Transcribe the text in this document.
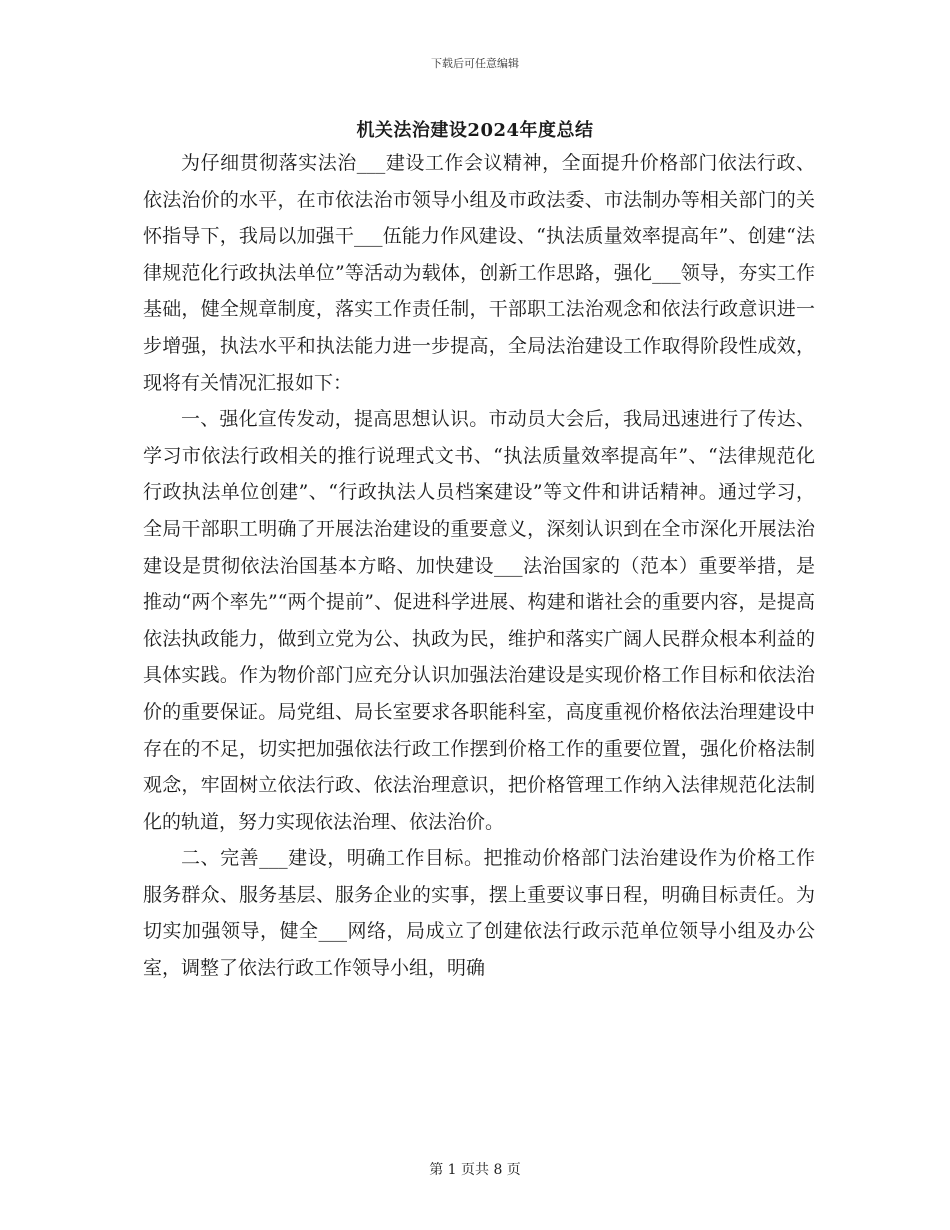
下载后可任意编辑
机关法治建设2024年度总结

为仔细贯彻落实法治___建设工作会议精神，全面提升价格部门依法行政、依法治价的水平，在市依法治市领导小组及市政法委、市法制办等相关部门的关怀指导下，我局以加强干___伍能力作风建设、“执法质量效率提高年”、创建“法律规范化行政执法单位”等活动为载体，创新工作思路，强化___领导，夯实工作基础，健全规章制度，落实工作责任制，干部职工法治观念和依法行政意识进一步增强，执法水平和执法能力进一步提高，全局法治建设工作取得阶段性成效，现将有关情况汇报如下：

一、强化宣传发动，提高思想认识。市动员大会后，我局迅速进行了传达、学习市依法行政相关的推行说理式文书、“执法质量效率提高年”、“法律规范化行政执法单位创建”、“行政执法人员档案建设”等文件和讲话精神。通过学习，全局干部职工明确了开展法治建设的重要意义，深刻认识到在全市深化开展法治建设是贯彻依法治国基本方略、加快建设___法治国家的（范本）重要举措，是推动“两个率先”“两个提前”、促进科学进展、构建和谐社会的重要内容，是提高依法执政能力，做到立党为公、执政为民，维护和落实广阔人民群众根本利益的具体实践。作为物价部门应充分认识加强法治建设是实现价格工作目标和依法治价的重要保证。局党组、局长室要求各职能科室，高度重视价格依法治理建设中存在的不足，切实把加强依法行政工作摆到价格工作的重要位置，强化价格法制观念，牢固树立依法行政、依法治理意识，把价格管理工作纳入法律规范化法制化的轨道，努力实现依法治理、依法治价。

二、完善___建设，明确工作目标。把推动价格部门法治建设作为价格工作服务群众、服务基层、服务企业的实事，摆上重要议事日程，明确目标责任。为切实加强领导，健全___网络，局成立了创建依法行政示范单位领导小组及办公室，调整了依法行政工作领导小组，明确

第 1 页共 8 页
